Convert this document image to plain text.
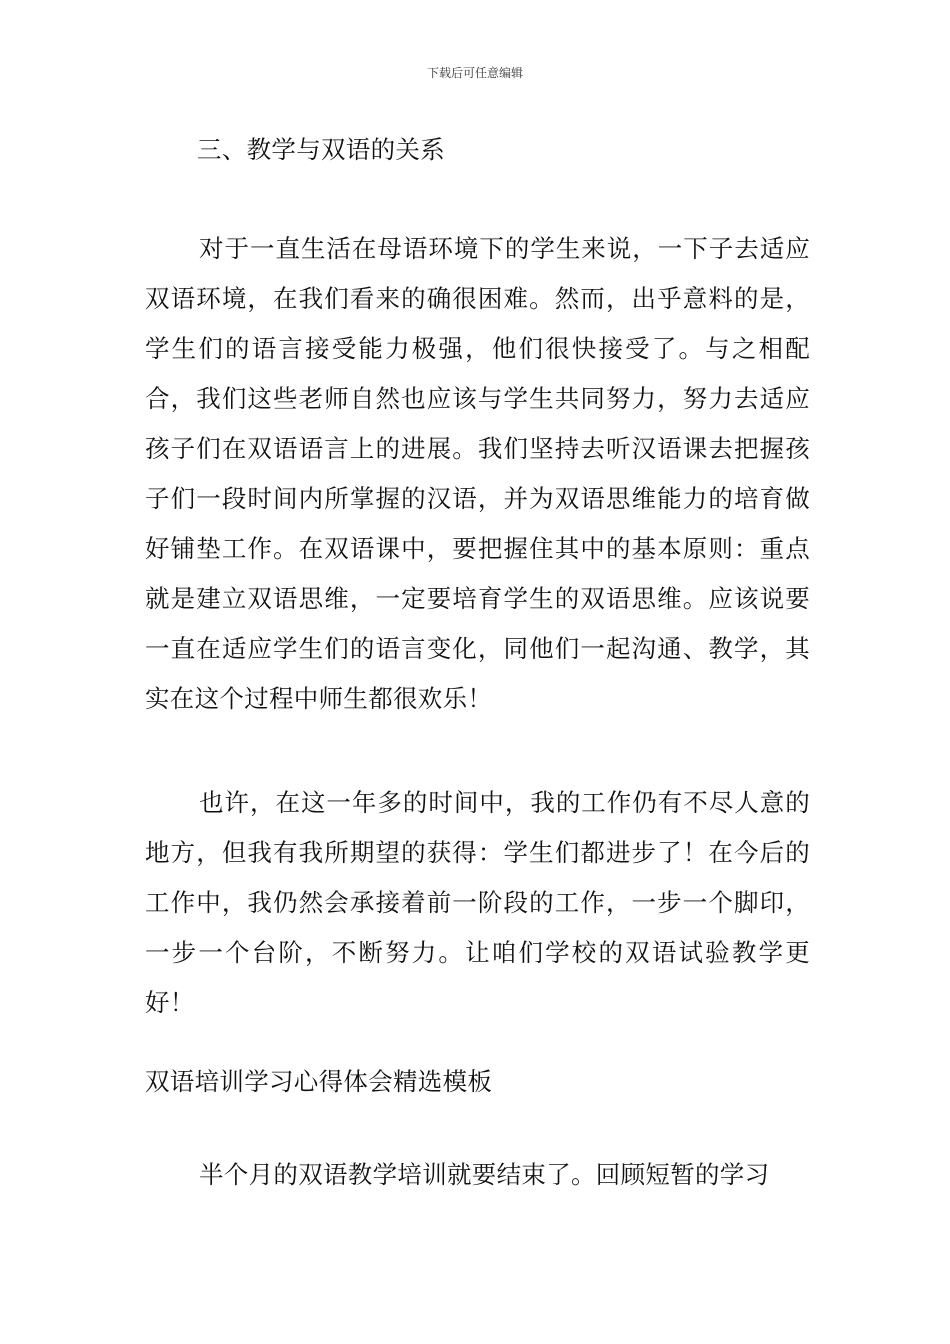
下载后可任意编辑

三、教学与双语的关系

对于一直生活在母语环境下的学生来说，一下子去适应双语环境，在我们看来的确很困难。然而，出乎意料的是，学生们的语言接受能力极强，他们很快接受了。与之相配合，我们这些老师自然也应该与学生共同努力，努力去适应孩子们在双语语言上的进展。我们坚持去听汉语课去把握孩子们一段时间内所掌握的汉语，并为双语思维能力的培育做好铺垫工作。在双语课中，要把握住其中的基本原则：重点就是建立双语思维，一定要培育学生的双语思维。应该说要一直在适应学生们的语言变化，同他们一起沟通、教学，其实在这个过程中师生都很欢乐！

也许，在这一年多的时间中，我的工作仍有不尽人意的地方，但我有我所期望的获得：学生们都进步了！在今后的工作中，我仍然会承接着前一阶段的工作，一步一个脚印，一步一个台阶，不断努力。让咱们学校的双语试验教学更好！

双语培训学习心得体会精选模板

半个月的双语教学培训就要结束了。回顾短暂的学习
